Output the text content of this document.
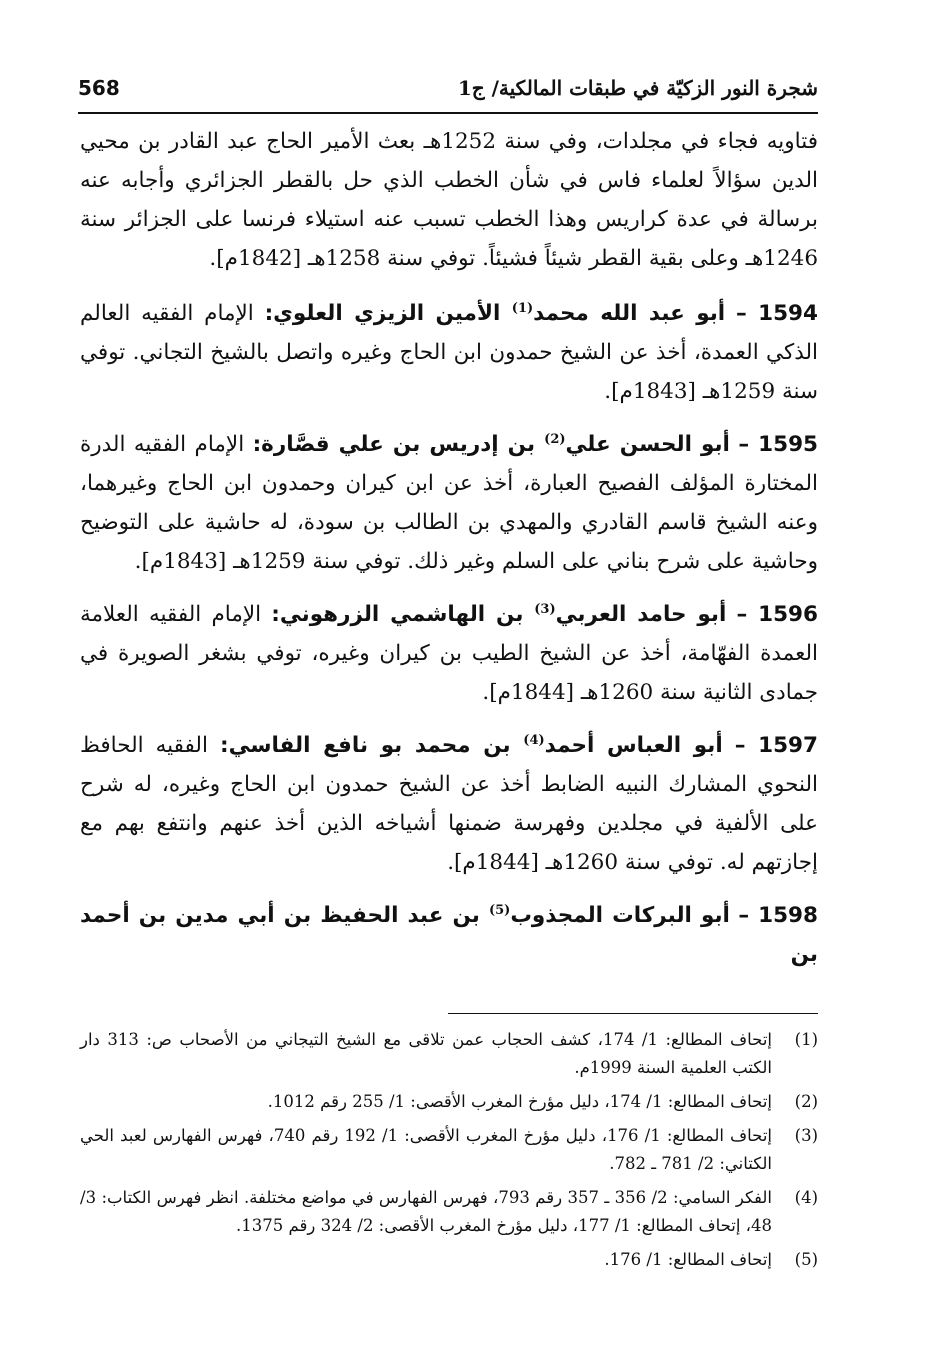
شجرة النور الزكيّة في طبقات المالكية/ ج1
568

فتاويه فجاء في مجلدات، وفي سنة 1252هـ بعث الأمير الحاج عبد القادر بن محيي الدين سؤالاً لعلماء فاس في شأن الخطب الذي حل بالقطر الجزائري وأجابه عنه برسالة في عدة كراريس وهذا الخطب تسبب عنه استيلاء فرنسا على الجزائر سنة 1246هـ وعلى بقية القطر شيئاً فشيئاً. توفي سنة 1258هـ [1842م].

1594 – أبو عبد الله محمد$^{(1)}$ الأمين الزيزي العلوي: الإمام الفقيه العالم الذكي العمدة، أخذ عن الشيخ حمدون ابن الحاج وغيره واتصل بالشيخ التجاني. توفي سنة 1259هـ [1843م].

1595 – أبو الحسن علي$^{(2)}$ بن إدريس بن علي قصَّارة: الإمام الفقيه الدرة المختارة المؤلف الفصيح العبارة، أخذ عن ابن كيران وحمدون ابن الحاج وغيرهما، وعنه الشيخ قاسم القادري والمهدي بن الطالب بن سودة، له حاشية على التوضيح وحاشية على شرح بناني على السلم وغير ذلك. توفي سنة 1259هـ [1843م].

1596 – أبو حامد العربي$^{(3)}$ بن الهاشمي الزرهوني: الإمام الفقيه العلامة العمدة الفهّامة، أخذ عن الشيخ الطيب بن كيران وغيره، توفي بشغر الصويرة في جمادى الثانية سنة 1260هـ [1844م].

1597 – أبو العباس أحمد$^{(4)}$ بن محمد بو نافع الفاسي: الفقيه الحافظ النحوي المشارك النبيه الضابط أخذ عن الشيخ حمدون ابن الحاج وغيره، له شرح على الألفية في مجلدين وفهرسة ضمنها أشياخه الذين أخذ عنهم وانتفع بهم مع إجازتهم له. توفي سنة 1260هـ [1844م].

1598 – أبو البركات المجذوب$^{(5)}$ بن عبد الحفيظ بن أبي مدين بن أحمد بن

(1)
إتحاف المطالع: 1/ 174، كشف الحجاب عمن تلاقى مع الشيخ التيجاني من الأصحاب ص: 313 دار الكتب العلمية السنة 1999م.
(2)
إتحاف المطالع: 1/ 174، دليل مؤرخ المغرب الأقصى: 1/ 255 رقم 1012.
(3)
إتحاف المطالع: 1/ 176، دليل مؤرخ المغرب الأقصى: 1/ 192 رقم 740، فهرس الفهارس لعبد الحي الكتاني: 2/ 781 ـ 782.
(4)
الفكر السامي: 2/ 356 ـ 357 رقم 793، فهرس الفهارس في مواضع مختلفة. انظر فهرس الكتاب: 3/ 48، إتحاف المطالع: 1/ 177، دليل مؤرخ المغرب الأقصى: 2/ 324 رقم 1375.
(5)
إتحاف المطالع: 1/ 176.
